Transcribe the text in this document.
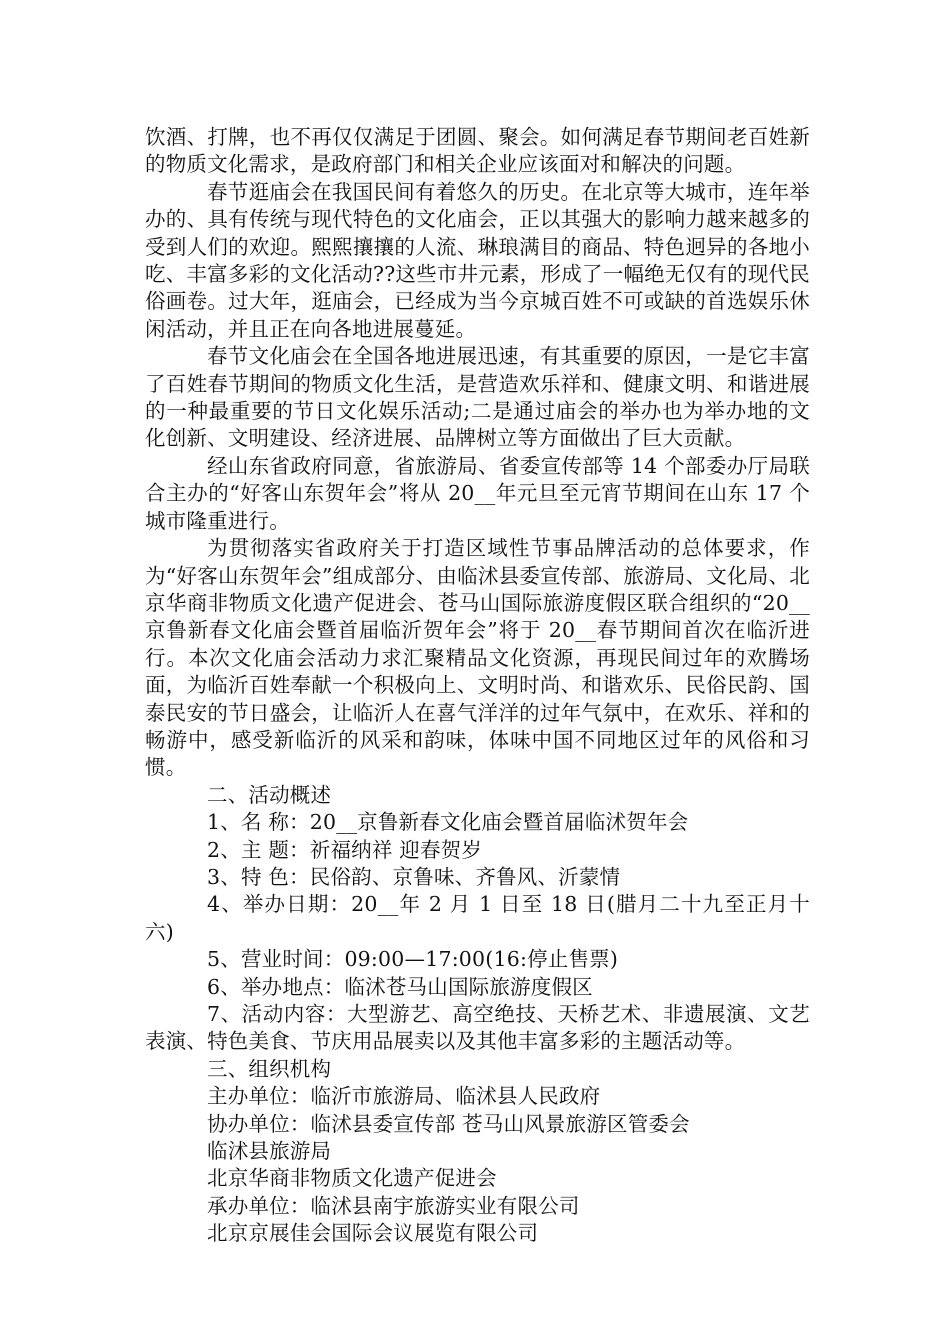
饮酒、打牌，也不再仅仅满足于团圆、聚会。如何满足春节期间老百姓新的物质文化需求，是政府部门和相关企业应该面对和解决的问题。

春节逛庙会在我国民间有着悠久的历史。在北京等大城市，连年举办的、具有传统与现代特色的文化庙会，正以其强大的影响力越来越多的受到人们的欢迎。熙熙攘攘的人流、琳琅满目的商品、特色迥异的各地小吃、丰富多彩的文化活动??这些市井元素，形成了一幅绝无仅有的现代民俗画卷。过大年，逛庙会，已经成为当今京城百姓不可或缺的首选娱乐休闲活动，并且正在向各地进展蔓延。

春节文化庙会在全国各地进展迅速，有其重要的原因，一是它丰富了百姓春节期间的物质文化生活，是营造欢乐祥和、健康文明、和谐进展的一种最重要的节日文化娱乐活动;二是通过庙会的举办也为举办地的文化创新、文明建设、经济进展、品牌树立等方面做出了巨大贡献。

经山东省政府同意，省旅游局、省委宣传部等 14 个部委办厅局联合主办的“好客山东贺年会”将从 20__年元旦至元宵节期间在山东 17 个城市隆重进行。

为贯彻落实省政府关于打造区域性节事品牌活动的总体要求，作为“好客山东贺年会”组成部分、由临沭县委宣传部、旅游局、文化局、北京华商非物质文化遗产促进会、苍马山国际旅游度假区联合组织的“20__京鲁新春文化庙会暨首届临沂贺年会”将于 20__春节期间首次在临沂进行。本次文化庙会活动力求汇聚精品文化资源，再现民间过年的欢腾场面，为临沂百姓奉献一个积极向上、文明时尚、和谐欢乐、民俗民韵、国泰民安的节日盛会，让临沂人在喜气洋洋的过年气氛中，在欢乐、祥和的畅游中，感受新临沂的风采和韵味，体味中国不同地区过年的风俗和习惯。

二、活动概述

1、名 称：20__京鲁新春文化庙会暨首届临沭贺年会

2、主 题：祈福纳祥 迎春贺岁

3、特 色：民俗韵、京鲁味、齐鲁风、沂蒙情

4、举办日期：20__年 2 月 1 日至 18 日(腊月二十九至正月十六)

5、营业时间：09:00—17:00(16:停止售票)

6、举办地点：临沭苍马山国际旅游度假区

7、活动内容：大型游艺、高空绝技、天桥艺术、非遗展演、文艺表演、特色美食、节庆用品展卖以及其他丰富多彩的主题活动等。

三、组织机构

主办单位：临沂市旅游局、临沭县人民政府

协办单位：临沭县委宣传部 苍马山风景旅游区管委会

临沭县旅游局

北京华商非物质文化遗产促进会

承办单位：临沭县南宇旅游实业有限公司

北京京展佳会国际会议展览有限公司
